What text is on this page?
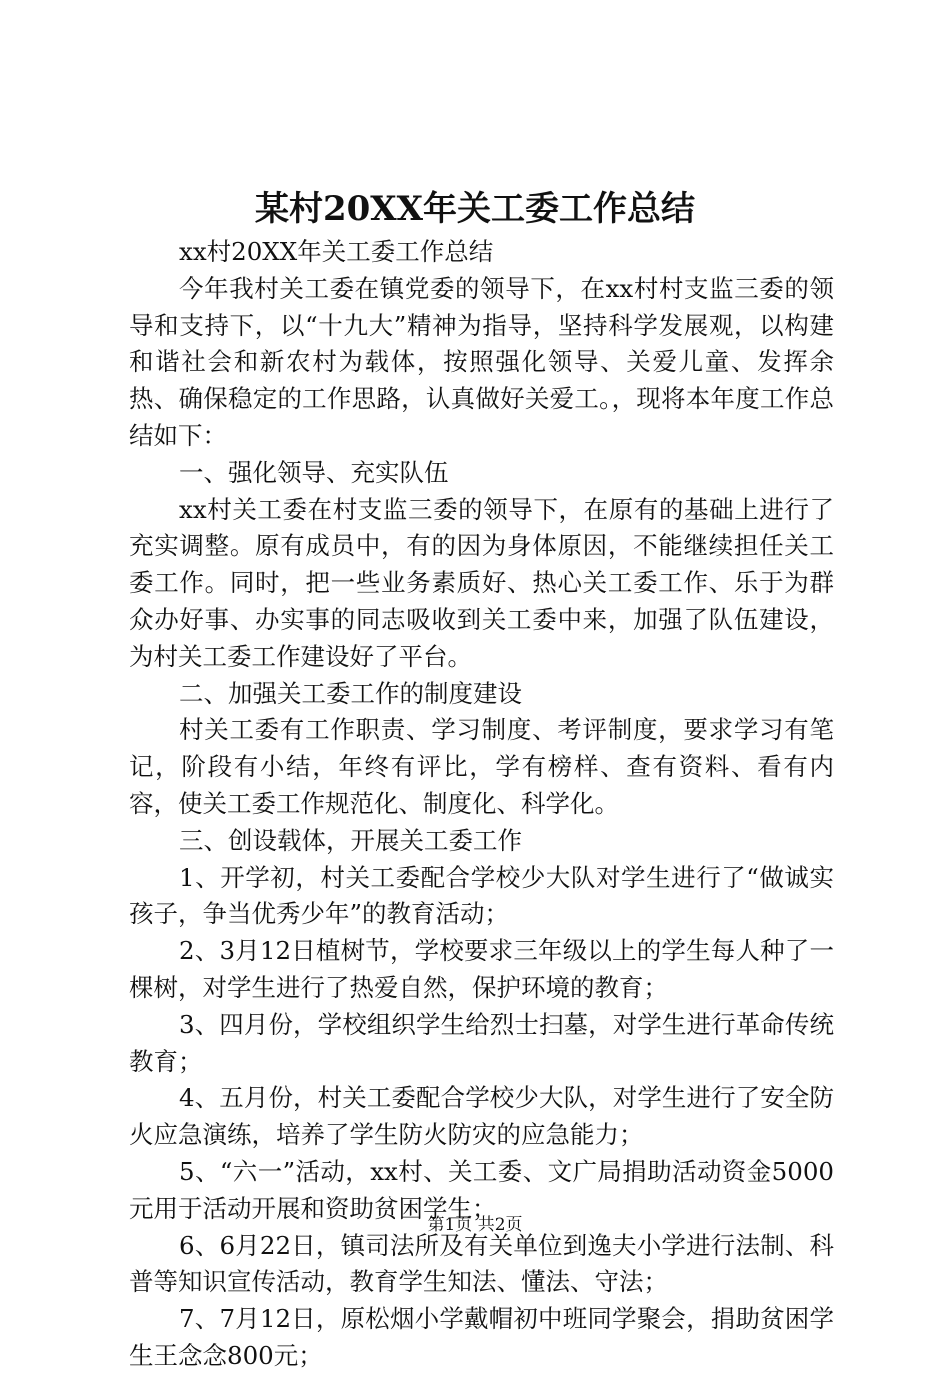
某村20XX年关工委工作总结

xx村20XX年关工委工作总结

今年我村关工委在镇党委的领导下，在xx村村支监三委的领导和支持下，以“十九大”精神为指导，坚持科学发展观，以构建和谐社会和新农村为载体，按照强化领导、关爱儿童、发挥余热、确保稳定的工作思路，认真做好关爱工。，现将本年度工作总结如下：

一、强化领导、充实队伍

xx村关工委在村支监三委的领导下，在原有的基础上进行了充实调整。原有成员中，有的因为身体原因，不能继续担任关工委工作。同时，把一些业务素质好、热心关工委工作、乐于为群众办好事、办实事的同志吸收到关工委中来，加强了队伍建设，为村关工委工作建设好了平台。

二、加强关工委工作的制度建设

村关工委有工作职责、学习制度、考评制度，要求学习有笔记，阶段有小结，年终有评比，学有榜样、查有资料、看有内容，使关工委工作规范化、制度化、科学化。

三、创设载体，开展关工委工作

1、开学初，村关工委配合学校少大队对学生进行了“做诚实孩子，争当优秀少年”的教育活动；

2、3月12日植树节，学校要求三年级以上的学生每人种了一棵树，对学生进行了热爱自然，保护环境的教育；

3、四月份，学校组织学生给烈士扫墓，对学生进行革命传统教育；

4、五月份，村关工委配合学校少大队，对学生进行了安全防火应急演练，培养了学生防火防灾的应急能力；

5、“六一”活动，xx村、关工委、文广局捐助活动资金5000元用于活动开展和资助贫困学生；

6、6月22日，镇司法所及有关单位到逸夫小学进行法制、科普等知识宣传活动，教育学生知法、懂法、守法；

7、7月12日，原松烟小学戴帽初中班同学聚会，捐助贫困学生王念念800元；

第1页 共2页
